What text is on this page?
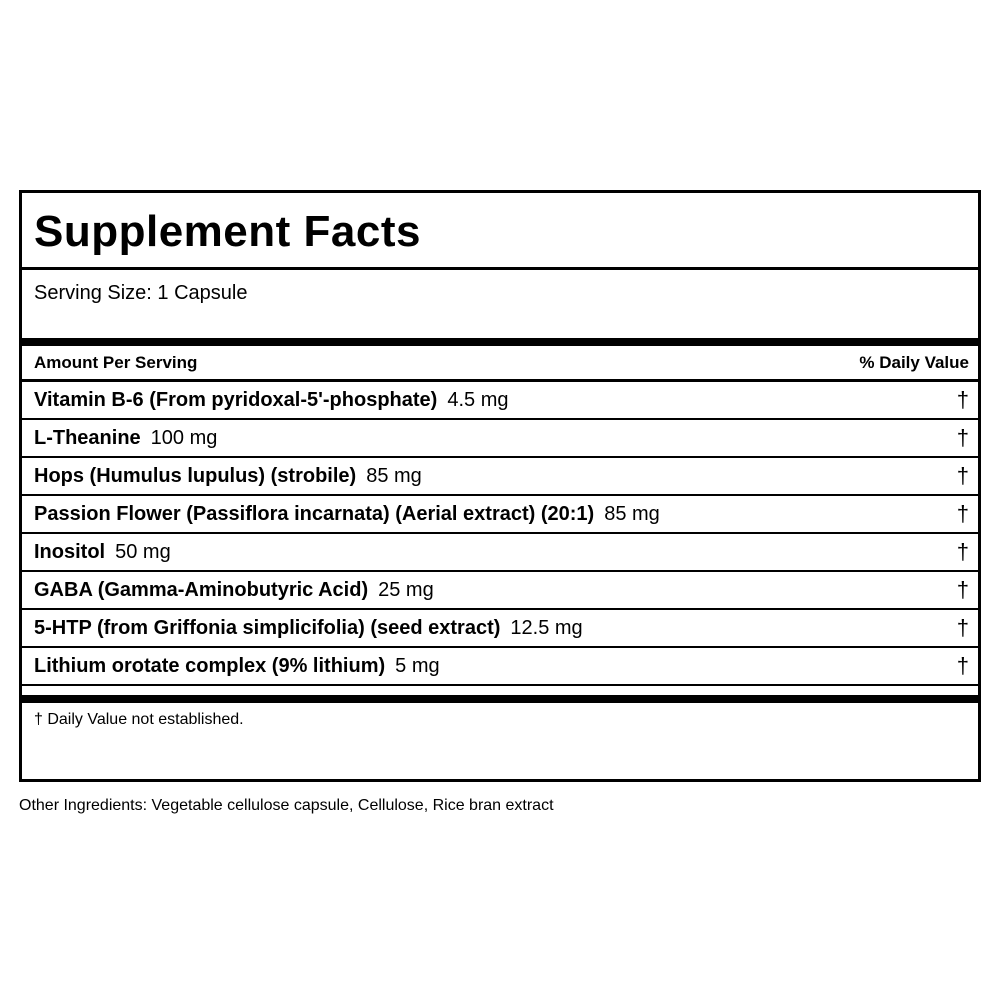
Supplement Facts
Serving Size: 1 Capsule
Amount Per Serving	% Daily Value
Vitamin B-6 (From pyridoxal-5'-phosphate) 4.5 mg	†
L-Theanine 100 mg	†
Hops (Humulus lupulus) (strobile) 85 mg	†
Passion Flower (Passiflora incarnata) (Aerial extract) (20:1) 85 mg	†
Inositol 50 mg	†
GABA (Gamma-Aminobutyric Acid) 25 mg	†
5-HTP (from Griffonia simplicifolia) (seed extract) 12.5 mg	†
Lithium orotate complex (9% lithium) 5 mg	†
† Daily Value not established.
Other Ingredients: Vegetable cellulose capsule, Cellulose, Rice bran extract
